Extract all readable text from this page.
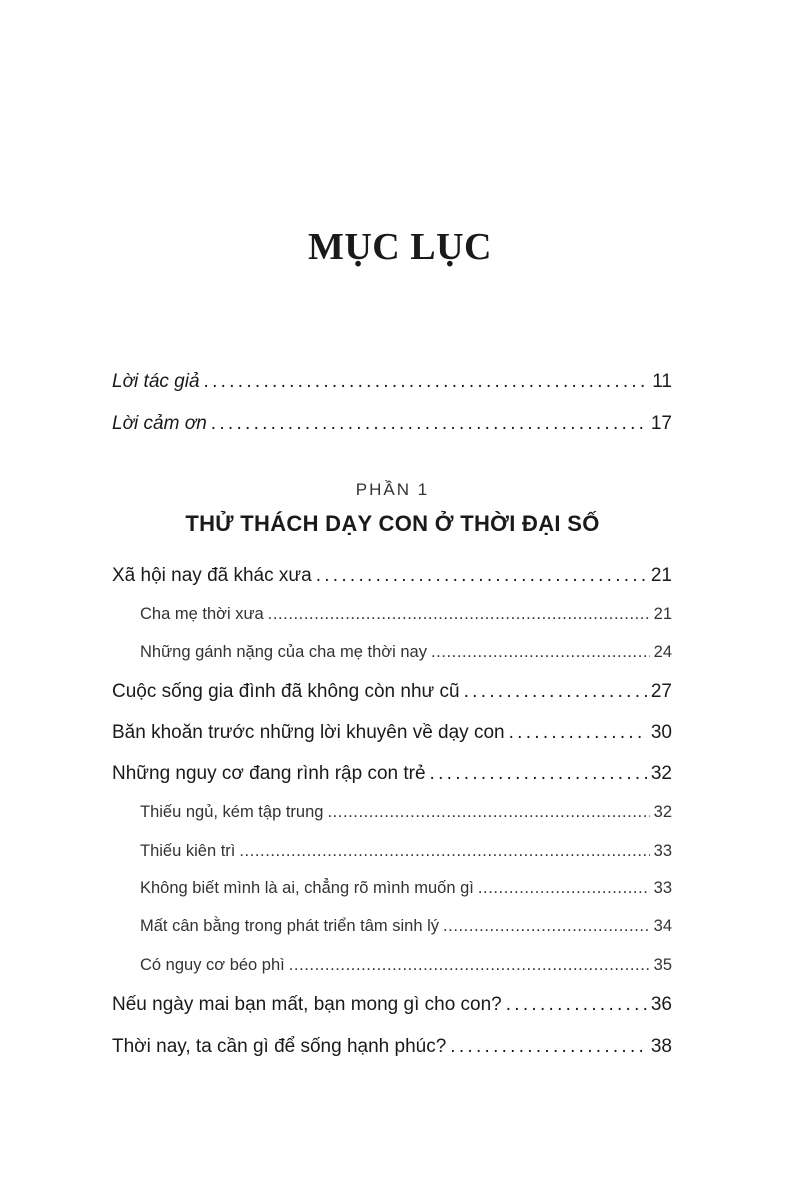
MỤC LỤC
Lời tác giả . . .	11
Lời cảm ơn . . .	17
PHẦN 1
THỬ THÁCH DẠY CON Ở THỜI ĐẠI SỐ
Xã hội nay đã khác xưa . . .	21
Cha mẹ thời xưa . . .	21
Những gánh nặng của cha mẹ thời nay . . .	24
Cuộc sống gia đình đã không còn như cũ . . .	27
Băn khoăn trước những lời khuyên về dạy con . . .	30
Những nguy cơ đang rình rập con trẻ . . .	32
Thiếu ngủ, kém tập trung . . .	32
Thiếu kiên trì . . .	33
Không biết mình là ai, chẳng rõ mình muốn gì . . .	33
Mất cân bằng trong phát triển tâm sinh lý . . .	34
Có nguy cơ béo phì . . .	35
Nếu ngày mai bạn mất, bạn mong gì cho con? . . .	36
Thời nay, ta cần gì để sống hạnh phúc? . . .	38
